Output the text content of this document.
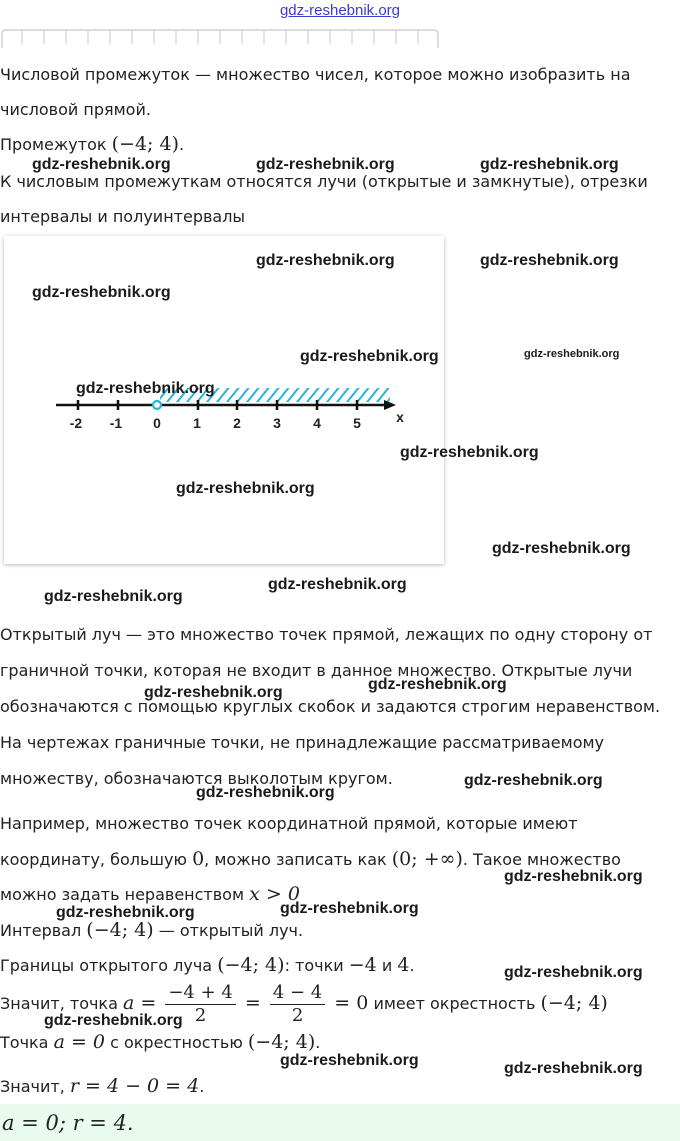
gdz-reshebnik.org
Числовой промежуток — множество чисел, которое можно изобразить на
числовой прямой.
Промежуток (−4; 4).
К числовым промежуткам относятся лучи (открытые и замкнутые), отрезки
интервалы и полуинтервалы
-2 -1 0 1 2 3 4 5	x
Открытый луч — это множество точек прямой, лежащих по одну сторону от
граничной точки, которая не входит в данное множество. Открытые лучи
обозначаются с помощью круглых скобок и задаются строгим неравенством.
На чертежах граничные точки, не принадлежащие рассматриваемому
множеству, обозначаются выколотым кругом.
Например, множество точек координатной прямой, которые имеют
координату, большую 0, можно записать как (0; +∞). Такое множество
можно задать неравенством x > 0
Интервал (−4; 4) — открытый луч.
Границы открытого луча (−4; 4): точки −4 и 4.
Значит, точка $a = \frac{-4 + 4}{2} = \frac{4 - 4}{2} = 0$ имеет окрестность (−4; 4)
Точка a = 0 с окрестностью (−4; 4).
Значит, r = 4 − 0 = 4.
a = 0; r = 4.
gdz-reshebnik.org	gdz-reshebnik.org	gdz-reshebnik.org
gdz-reshebnik.org	gdz-reshebnik.org
gdz-reshebnik.org
gdz-reshebnik.org	gdz-reshebnik.org
gdz-reshebnik.org
gdz-reshebnik.org
gdz-reshebnik.org
gdz-reshebnik.org
gdz-reshebnik.org
gdz-reshebnik.org
gdz-reshebnik.org
gdz-reshebnik.org
gdz-reshebnik.org
gdz-reshebnik.org
gdz-reshebnik.org
gdz-reshebnik.org
gdz-reshebnik.org
gdz-reshebnik.org
gdz-reshebnik.org
gdz-reshebnik.org	gdz-reshebnik.org
